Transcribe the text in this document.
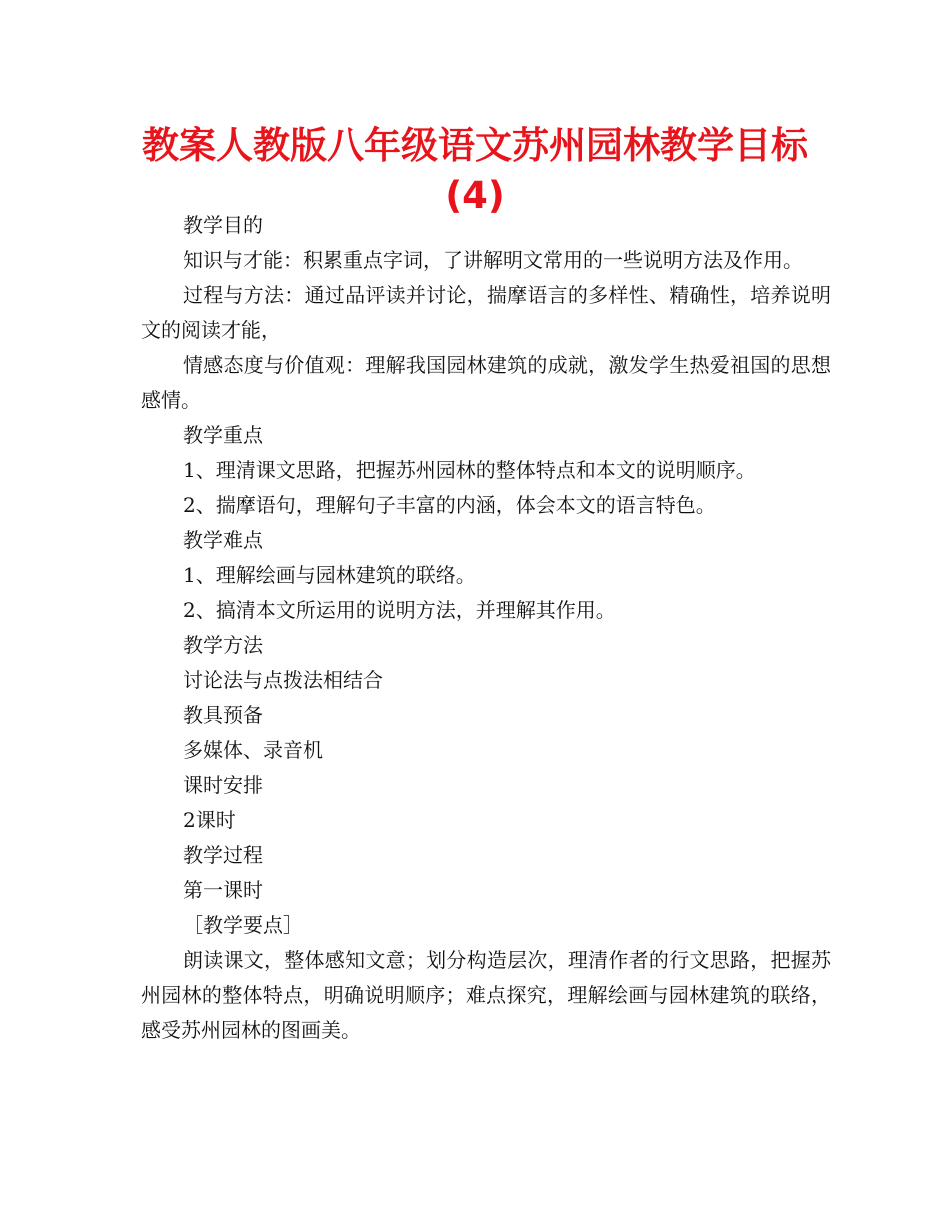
教案人教版八年级语文苏州园林教学目标
(4)

教学目的

知识与才能：积累重点字词，了讲解明文常用的一些说明方法及作用。

过程与方法：通过品评读并讨论，揣摩语言的多样性、精确性，培养说明文的阅读才能，

情感态度与价值观：理解我国园林建筑的成就，激发学生热爱祖国的思想感情。

教学重点

1、理清课文思路，把握苏州园林的整体特点和本文的说明顺序。

2、揣摩语句，理解句子丰富的内涵，体会本文的语言特色。

教学难点

1、理解绘画与园林建筑的联络。

2、搞清本文所运用的说明方法，并理解其作用。

教学方法

讨论法与点拨法相结合

教具预备

多媒体、录音机

课时安排

2课时

教学过程

第一课时

［教学要点］

朗读课文，整体感知文意；划分构造层次，理清作者的行文思路，把握苏州园林的整体特点，明确说明顺序；难点探究，理解绘画与园林建筑的联络，感受苏州园林的图画美。
